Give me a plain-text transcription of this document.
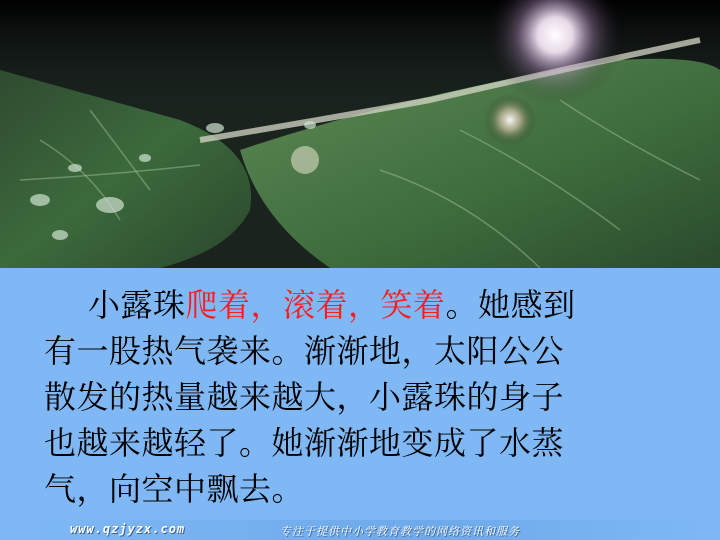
小露珠爬着，滚着，笑着。她感到
有一股热气袭来。渐渐地，太阳公公
散发的热量越来越大，小露珠的身子
也越来越轻了。她渐渐地变成了水蒸
气，向空中飘去。
www.qzjyzx.com	专注于提供中小学教育教学的网络资讯和服务
